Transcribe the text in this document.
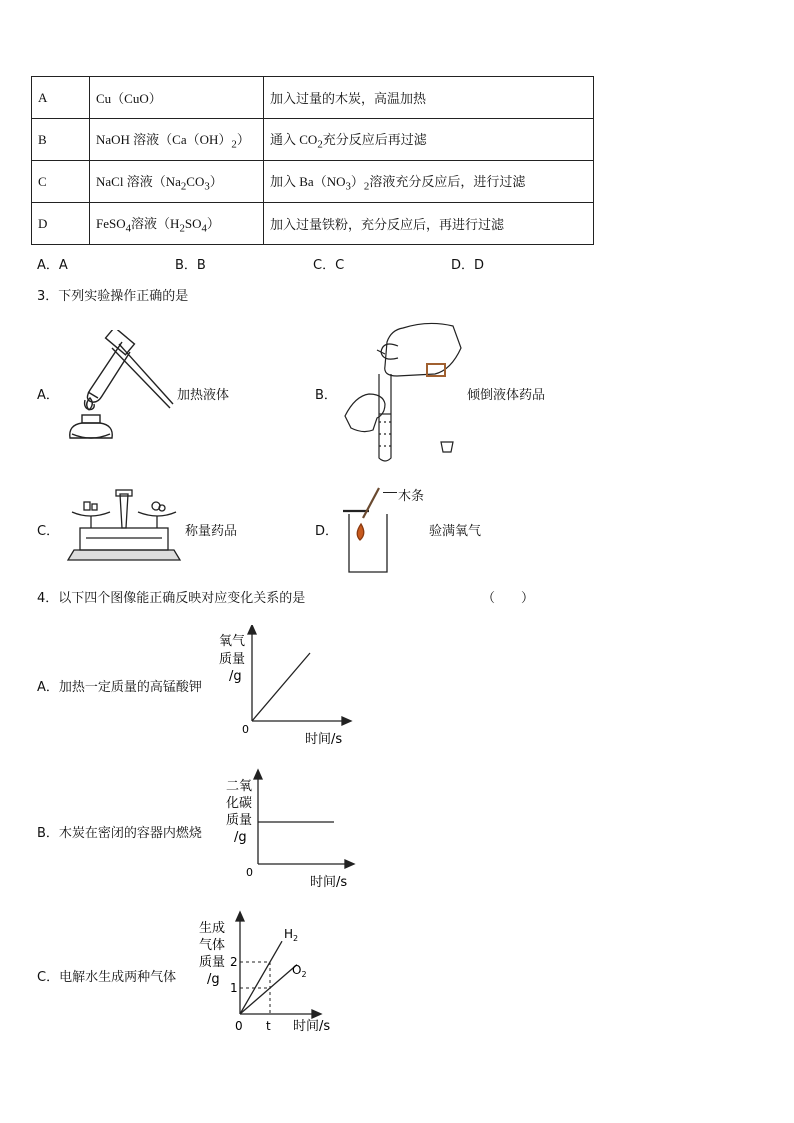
A	Cu（CuO）	加入过量的木炭，高温加热
B	NaOH 溶液$(Ca(OH)_2)$	通入 $CO_2$充分反应后再过滤
C	NaCl 溶液$(Na_2CO_3)$	加入 $Ba(NO_3)_2$溶液充分反应后，进行过滤
D	FeSO$_4$溶液$(H_2SO_4)$	加入过量铁粉，充分反应后，再进行过滤
A．A	B．B	C．C	D．D
3．下列实验操作正确的是
A．	加热液体	B．	倾倒液体药品
C．	称量药品	D．
木条
验满氧气
4．以下四个图像能正确反映对应变化关系的是	（　　）
A．加热一定质量的高锰酸钾
B．木炭在密闭的容器内燃烧
C．电解水生成两种气体
氧气
质量
/g
0
时间/s
二氧
化碳
质量
/g
0
时间/s
生成
气体
质量
/g
2
1
0 t 时间/s
$H_2$
$O_2$
